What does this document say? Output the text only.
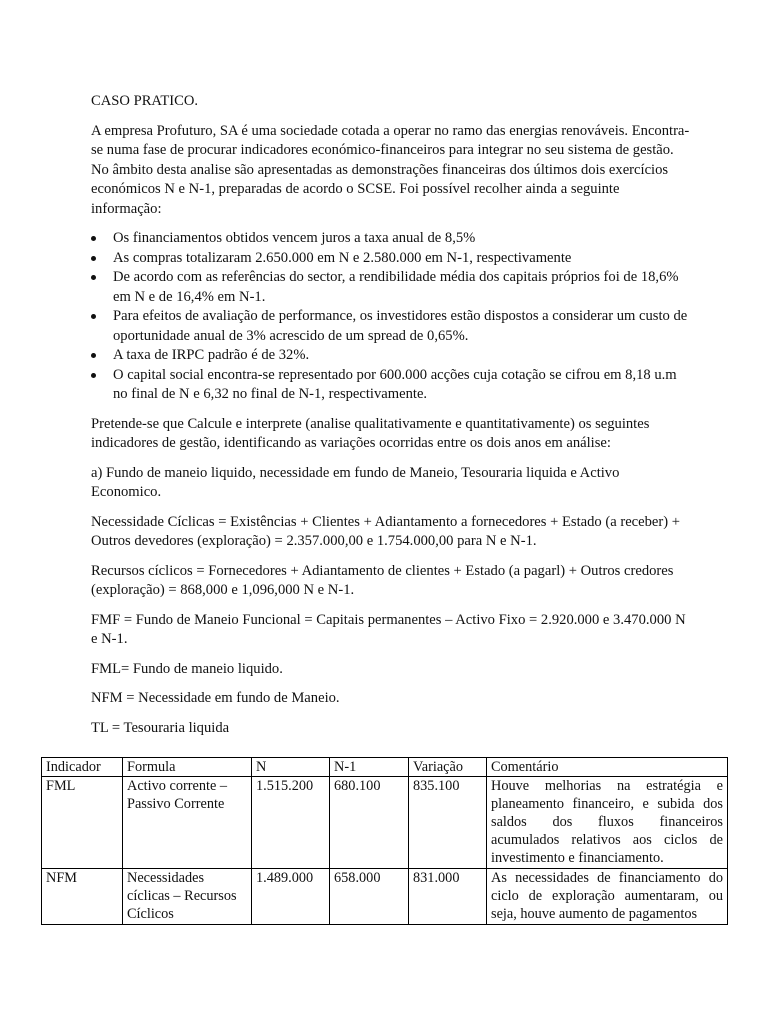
CASO PRATICO.

A empresa Profuturo, SA é uma sociedade cotada a operar no ramo das energias renováveis. Encontra-se numa fase de procurar indicadores económico-financeiros para integrar no seu sistema de gestão. No âmbito desta analise são apresentadas as demonstrações financeiras dos últimos dois exercícios económicos N e N-1, preparadas de acordo o SCSE. Foi possível recolher ainda a seguinte informação:

Os financiamentos obtidos vencem juros a taxa anual de 8,5%
As compras totalizaram 2.650.000 em N e 2.580.000 em N-1, respectivamente
De acordo com as referências do sector, a rendibilidade média dos capitais próprios foi de 18,6% em N e de 16,4% em N-1.
Para efeitos de avaliação de performance, os investidores estão dispostos a considerar um custo de oportunidade anual de 3% acrescido de um spread de 0,65%.
A taxa de IRPC padrão é de 32%.
O capital social encontra-se representado por 600.000 acções cuja cotação se cifrou em 8,18 u.m no final de N e 6,32 no final de N-1, respectivamente.

Pretende-se que Calcule e interprete (analise qualitativamente e quantitativamente) os seguintes indicadores de gestão, identificando as variações ocorridas entre os dois anos em análise:

a) Fundo de maneio liquido, necessidade em fundo de Maneio, Tesouraria liquida e Activo Economico.

Necessidade Cíclicas = Existências + Clientes + Adiantamento a fornecedores + Estado (a receber) + Outros devedores (exploração) = 2.357.000,00 e 1.754.000,00 para N e N-1.

Recursos cíclicos = Fornecedores + Adiantamento de clientes + Estado (a pagarl) + Outros credores (exploração) = 868,000 e 1,096,000 N e N-1.

FMF = Fundo de Maneio Funcional = Capitais permanentes – Activo Fixo = 2.920.000 e 3.470.000 N e N-1.

FML= Fundo de maneio liquido.

NFM = Necessidade em fundo de Maneio.

TL = Tesouraria liquida

Indicador	Formula	N	N-1	Variação	Comentário
FML	Activo corrente – Passivo Corrente	1.515.200	680.100	835.100	Houve melhorias na estratégia e planeamento financeiro, e subida dos saldos dos fluxos financeiros acumulados relativos aos ciclos de investimento e financiamento.
NFM	Necessidades cíclicas – Recursos Cíclicos	1.489.000	658.000	831.000	As necessidades de financiamento do ciclo de exploração aumentaram, ou seja, houve aumento de pagamentos
